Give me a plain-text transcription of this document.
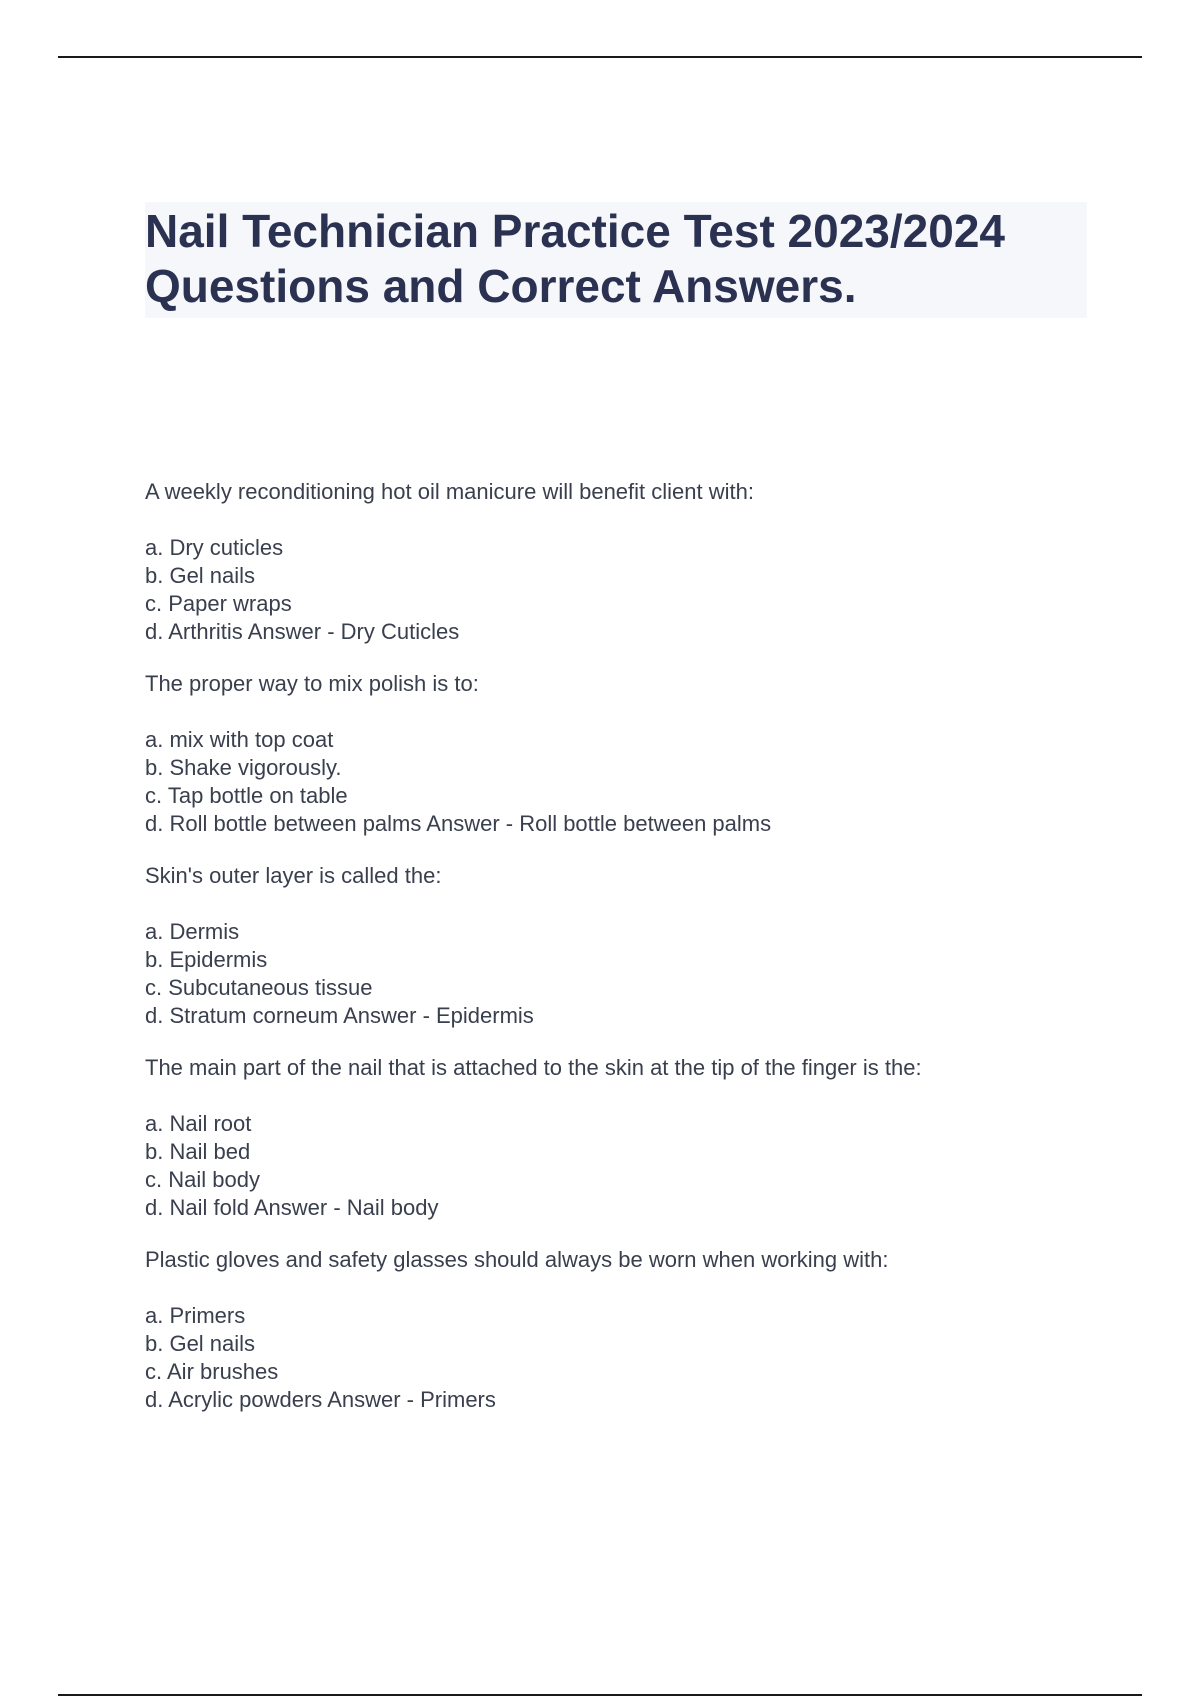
Nail Technician Practice Test 2023/2024
Questions and Correct Answers.

A weekly reconditioning hot oil manicure will benefit client with:

a. Dry cuticles
b. Gel nails
c. Paper wraps
d. Arthritis Answer - Dry Cuticles

The proper way to mix polish is to:

a. mix with top coat
b. Shake vigorously.
c. Tap bottle on table
d. Roll bottle between palms Answer - Roll bottle between palms

Skin's outer layer is called the:

a. Dermis
b. Epidermis
c. Subcutaneous tissue
d. Stratum corneum Answer - Epidermis

The main part of the nail that is attached to the skin at the tip of the finger is the:

a. Nail root
b. Nail bed
c. Nail body
d. Nail fold Answer - Nail body

Plastic gloves and safety glasses should always be worn when working with:

a. Primers
b. Gel nails
c. Air brushes
d. Acrylic powders Answer - Primers
